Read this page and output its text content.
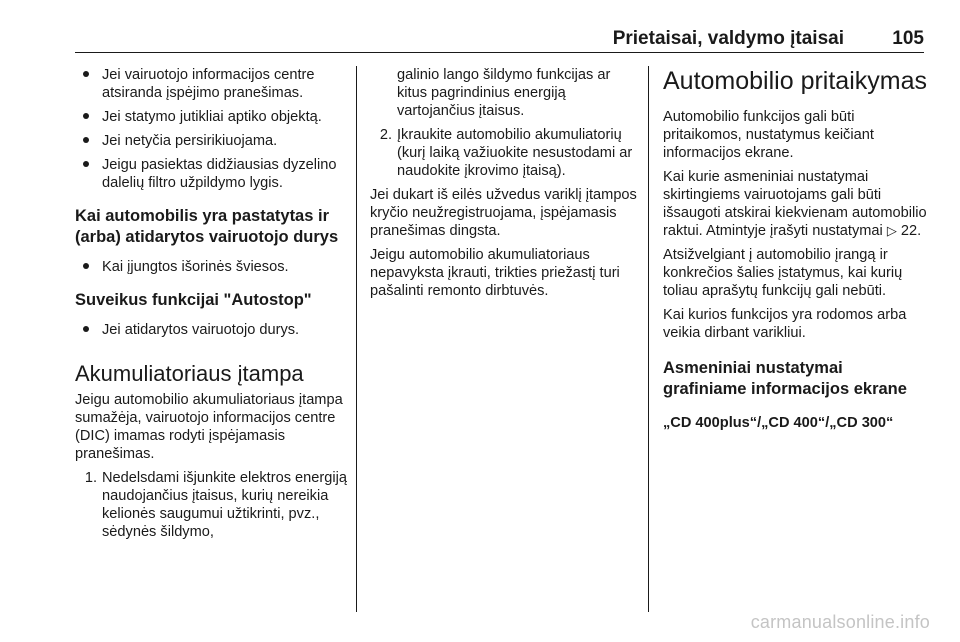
Prietaisai, valdymo įtaisai	105
Jei vairuotojo informacijos centre atsiranda įspėjimo pranešimas.
Jei statymo jutikliai aptiko objektą.
Jei netyčia persirikiuojama.
Jeigu pasiektas didžiausias dyzelino dalelių filtro užpildymo lygis.
Kai automobilis yra pastatytas ir (arba) atidarytos vairuotojo durys
Kai įjungtos išorinės šviesos.
Suveikus funkcijai "Autostop"
Jei atidarytos vairuotojo durys.
Akumuliatoriaus įtampa

Jeigu automobilio akumuliatoriaus įtampa sumažėja, vairuotojo informacijos centre (DIC) imamas rodyti įspėjamasis pranešimas.

1. Nedelsdami išjunkite elektros energiją naudojančius įtaisus, kurių nereikia kelionės saugumui užtikrinti, pvz., sėdynės šildymo,
galinio lango šildymo funkcijas ar kitus pagrindinius energiją vartojančius įtaisus.
2. Įkraukite automobilio akumuliatorių (kurį laiką važiuokite nesustodami ar naudokite įkrovimo įtaisą).

Jei dukart iš eilės užvedus variklį įtampos kryčio neužregistruojama, įspėjamasis pranešimas dingsta.

Jeigu automobilio akumuliatoriaus nepavyksta įkrauti, trikties priežastį turi pašalinti remonto dirbtuvės.

Automobilio pritaikymas

Automobilio funkcijos gali būti pritaikomos, nustatymus keičiant informacijos ekrane.

Kai kurie asmeniniai nustatymai skirtingiems vairuotojams gali būti išsaugoti atskirai kiekvienam automobilio raktui. Atmintyje įrašyti nustatymai ▷ 22.

Atsižvelgiant į automobilio įrangą ir konkrečios šalies įstatymus, kai kurių toliau aprašytų funkcijų gali nebūti.

Kai kurios funkcijos yra rodomos arba veikia dirbant varikliui.

Asmeniniai nustatymai grafiniame informacijos ekrane
„CD 400plus“/„CD 400“/„CD 300“
carmanualsonline.info
